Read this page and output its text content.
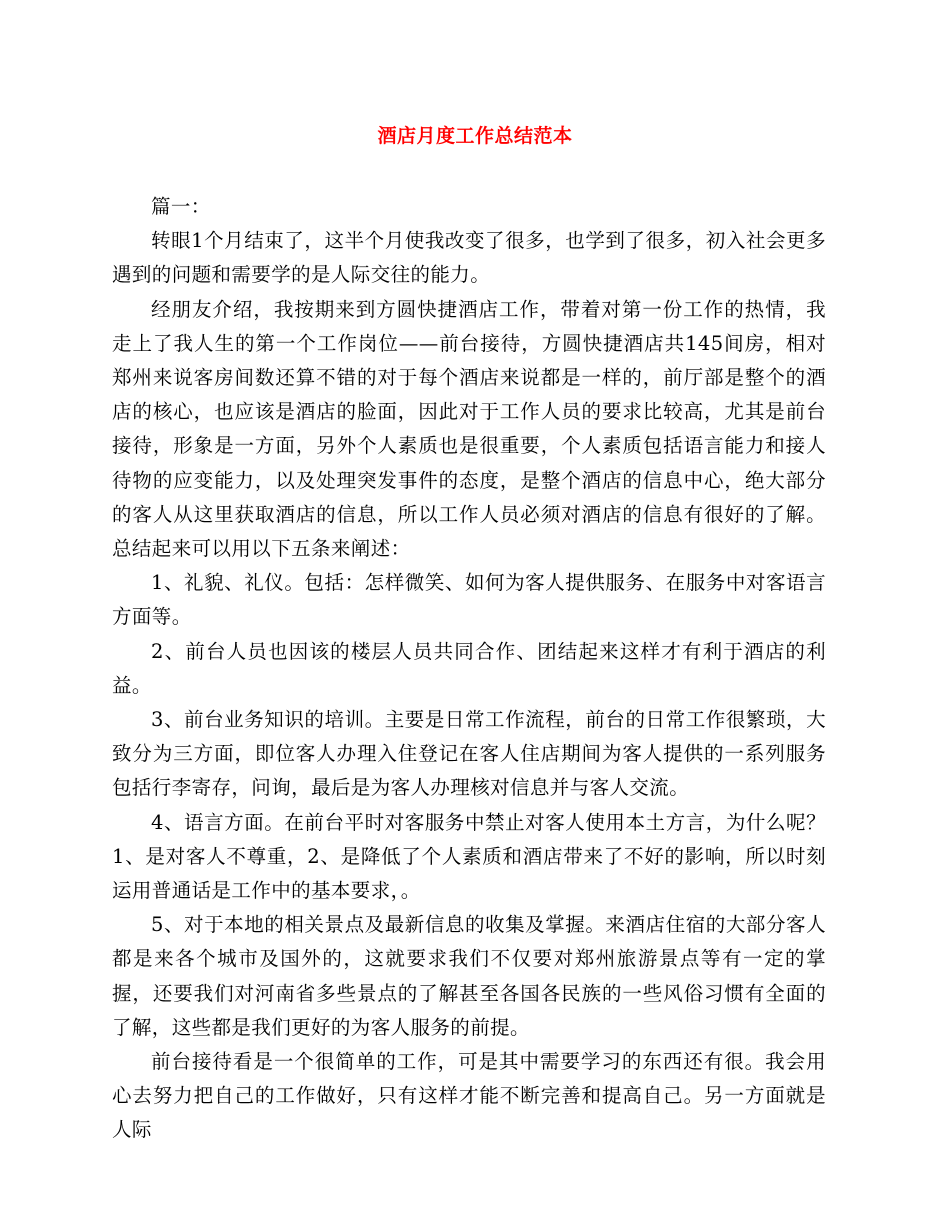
酒店月度工作总结范本

篇一：

转眼1个月结束了，这半个月使我改变了很多，也学到了很多，初入社会更多遇到的问题和需要学的是人际交往的能力。

经朋友介绍，我按期来到方圆快捷酒店工作，带着对第一份工作的热情，我走上了我人生的第一个工作岗位——前台接待，方圆快捷酒店共145间房，相对郑州来说客房间数还算不错的对于每个酒店来说都是一样的，前厅部是整个的酒店的核心，也应该是酒店的脸面，因此对于工作人员的要求比较高，尤其是前台接待，形象是一方面，另外个人素质也是很重要，个人素质包括语言能力和接人待物的应变能力，以及处理突发事件的态度，是整个酒店的信息中心，绝大部分的客人从这里获取酒店的信息，所以工作人员必须对酒店的信息有很好的了解。总结起来可以用以下五条来阐述：

1、礼貌、礼仪。包括：怎样微笑、如何为客人提供服务、在服务中对客语言方面等。

2、前台人员也因该的楼层人员共同合作、团结起来这样才有利于酒店的利益。

3、前台业务知识的培训。主要是日常工作流程，前台的日常工作很繁琐，大致分为三方面，即位客人办理入住登记在客人住店期间为客人提供的一系列服务包括行李寄存，问询，最后是为客人办理核对信息并与客人交流。

4、语言方面。在前台平时对客服务中禁止对客人使用本土方言，为什么呢？1、是对客人不尊重，2、是降低了个人素质和酒店带来了不好的影响，所以时刻运用普通话是工作中的基本要求，。

5、对于本地的相关景点及最新信息的收集及掌握。来酒店住宿的大部分客人都是来各个城市及国外的，这就要求我们不仅要对郑州旅游景点等有一定的掌握，还要我们对河南省多些景点的了解甚至各国各民族的一些风俗习惯有全面的了解，这些都是我们更好的为客人服务的前提。

前台接待看是一个很简单的工作，可是其中需要学习的东西还有很。我会用心去努力把自己的工作做好，只有这样才能不断完善和提高自己。另一方面就是人际
